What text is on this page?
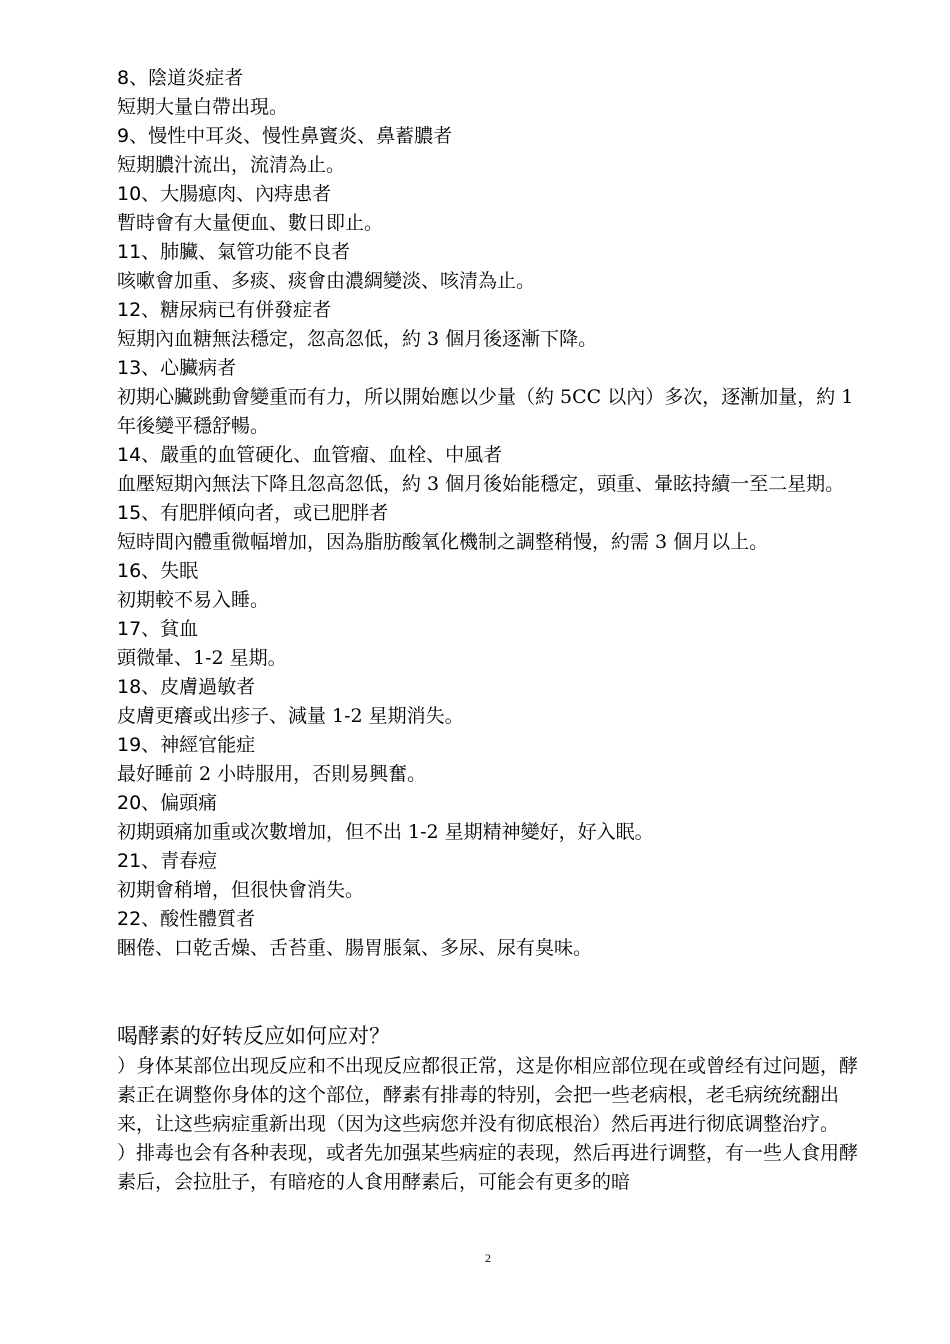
8、陰道炎症者
短期大量白帶出現。
9、慢性中耳炎、慢性鼻竇炎、鼻蓄膿者
短期膿汁流出，流清為止。
10、大腸瘜肉、內痔患者
暫時會有大量便血、數日即止。
11、肺臟、氣管功能不良者
咳嗽會加重、多痰、痰會由濃綢變淡、咳清為止。
12、糖尿病已有併發症者
短期內血糖無法穩定，忽高忽低，約 3 個月後逐漸下降。
13、心臟病者
初期心臟跳動會變重而有力，所以開始應以少量（約 5CC 以內）多次，逐漸加量，約 1 年後變平穩舒暢。
14、嚴重的血管硬化、血管瘤、血栓、中風者
血壓短期內無法下降且忽高忽低，約 3 個月後始能穩定，頭重、暈眩持續一至二星期。
15、有肥胖傾向者，或已肥胖者
短時間內體重微幅增加，因為脂肪酸氧化機制之調整稍慢，約需 3 個月以上。
16、失眠
初期較不易入睡。
17、貧血
頭微暈、1-2 星期。
18、皮膚過敏者
皮膚更癢或出疹子、減量 1-2 星期消失。
19、神經官能症
最好睡前 2 小時服用，否則易興奮。
20、偏頭痛
初期頭痛加重或次數增加，但不出 1-2 星期精神變好，好入眠。
21、青春痘
初期會稍增，但很快會消失。
22、酸性體質者
睏倦、口乾舌燥、舌苔重、腸胃脹氣、多尿、尿有臭味。
喝酵素的好转反应如何应对？
）身体某部位出现反应和不出现反应都很正常，这是你相应部位现在或曾经有过问题，酵素正在调整你身体的这个部位，酵素有排毒的特别，会把一些老病根，老毛病统统翻出来，让这些病症重新出现（因为这些病您并没有彻底根治）然后再进行彻底调整治疗。
）排毒也会有各种表现，或者先加强某些病症的表现，然后再进行调整，有一些人食用酵素后，会拉肚子，有暗疮的人食用酵素后，可能会有更多的暗
2
